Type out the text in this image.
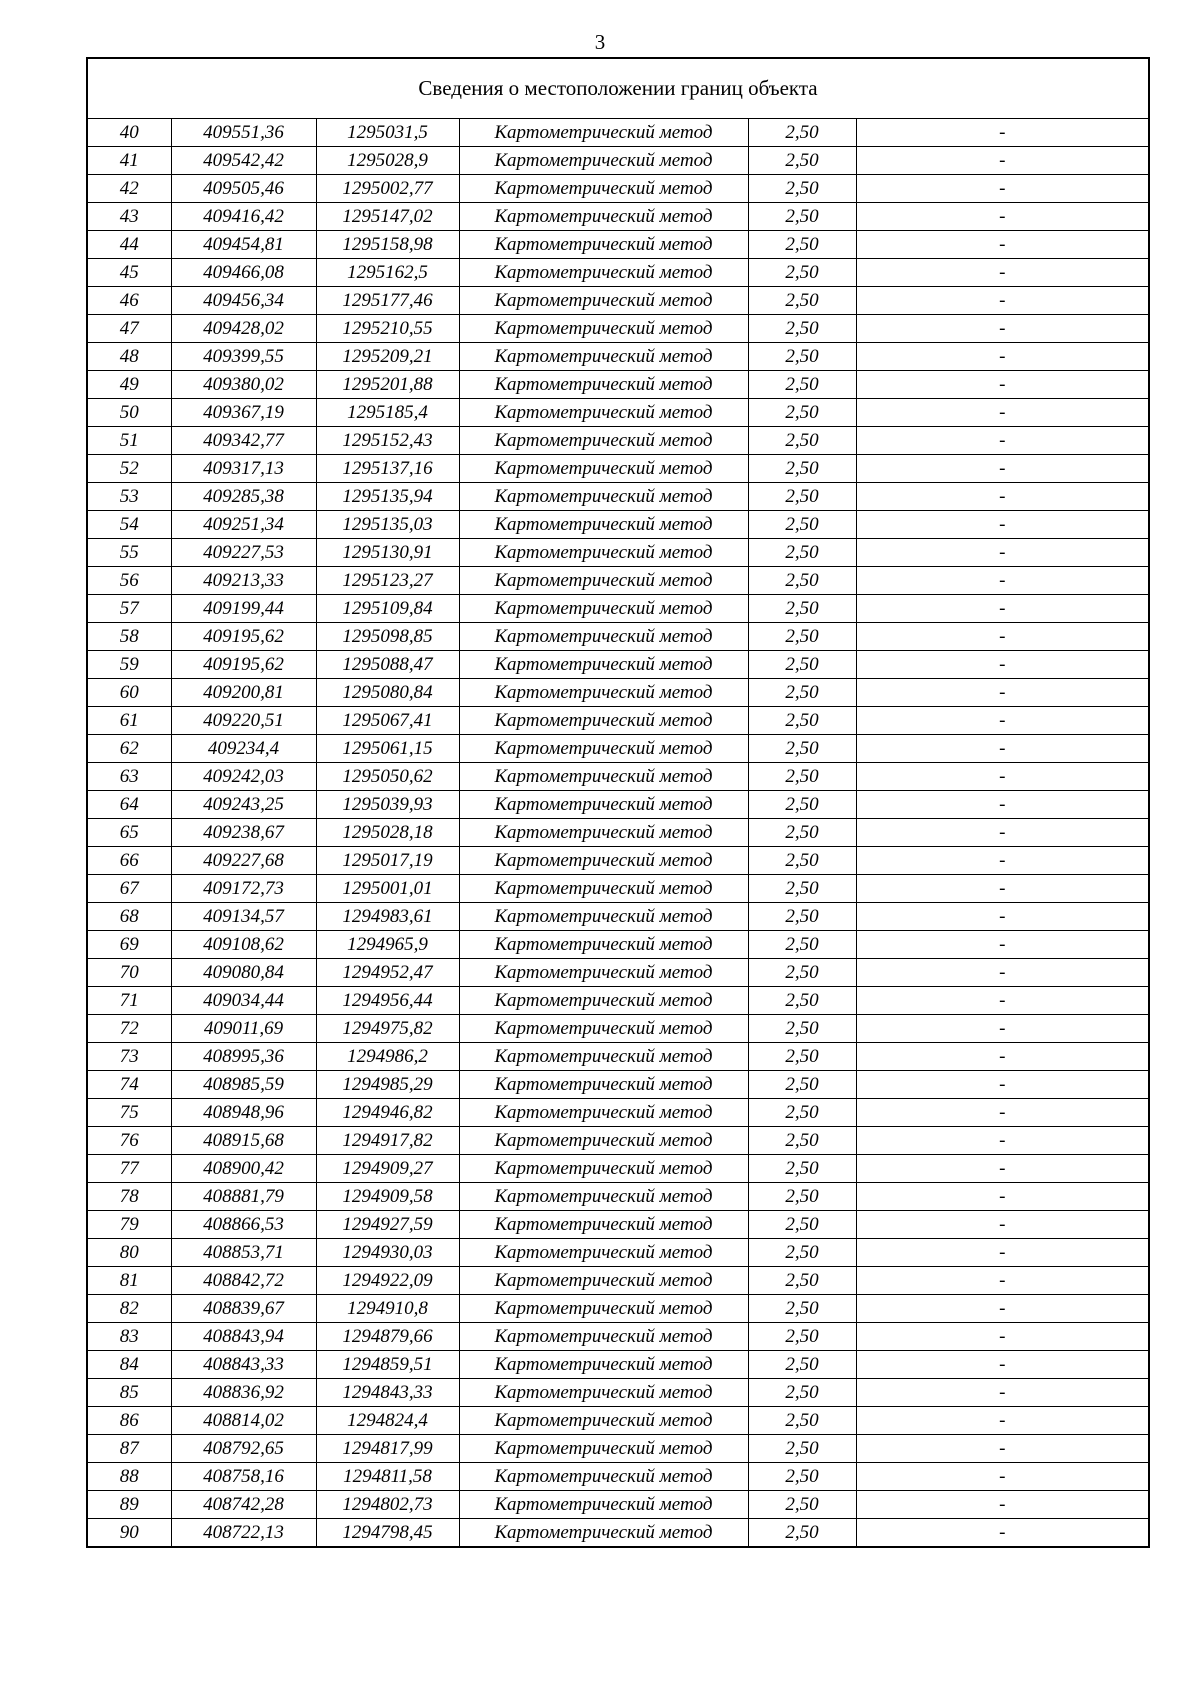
3
Сведения о местоположении границ объекта					
40	409551,36	1295031,5	Картометрический метод	2,50	-
41	409542,42	1295028,9	Картометрический метод	2,50	-
42	409505,46	1295002,77	Картометрический метод	2,50	-
43	409416,42	1295147,02	Картометрический метод	2,50	-
44	409454,81	1295158,98	Картометрический метод	2,50	-
45	409466,08	1295162,5	Картометрический метод	2,50	-
46	409456,34	1295177,46	Картометрический метод	2,50	-
47	409428,02	1295210,55	Картометрический метод	2,50	-
48	409399,55	1295209,21	Картометрический метод	2,50	-
49	409380,02	1295201,88	Картометрический метод	2,50	-
50	409367,19	1295185,4	Картометрический метод	2,50	-
51	409342,77	1295152,43	Картометрический метод	2,50	-
52	409317,13	1295137,16	Картометрический метод	2,50	-
53	409285,38	1295135,94	Картометрический метод	2,50	-
54	409251,34	1295135,03	Картометрический метод	2,50	-
55	409227,53	1295130,91	Картометрический метод	2,50	-
56	409213,33	1295123,27	Картометрический метод	2,50	-
57	409199,44	1295109,84	Картометрический метод	2,50	-
58	409195,62	1295098,85	Картометрический метод	2,50	-
59	409195,62	1295088,47	Картометрический метод	2,50	-
60	409200,81	1295080,84	Картометрический метод	2,50	-
61	409220,51	1295067,41	Картометрический метод	2,50	-
62	409234,4	1295061,15	Картометрический метод	2,50	-
63	409242,03	1295050,62	Картометрический метод	2,50	-
64	409243,25	1295039,93	Картометрический метод	2,50	-
65	409238,67	1295028,18	Картометрический метод	2,50	-
66	409227,68	1295017,19	Картометрический метод	2,50	-
67	409172,73	1295001,01	Картометрический метод	2,50	-
68	409134,57	1294983,61	Картометрический метод	2,50	-
69	409108,62	1294965,9	Картометрический метод	2,50	-
70	409080,84	1294952,47	Картометрический метод	2,50	-
71	409034,44	1294956,44	Картометрический метод	2,50	-
72	409011,69	1294975,82	Картометрический метод	2,50	-
73	408995,36	1294986,2	Картометрический метод	2,50	-
74	408985,59	1294985,29	Картометрический метод	2,50	-
75	408948,96	1294946,82	Картометрический метод	2,50	-
76	408915,68	1294917,82	Картометрический метод	2,50	-
77	408900,42	1294909,27	Картометрический метод	2,50	-
78	408881,79	1294909,58	Картометрический метод	2,50	-
79	408866,53	1294927,59	Картометрический метод	2,50	-
80	408853,71	1294930,03	Картометрический метод	2,50	-
81	408842,72	1294922,09	Картометрический метод	2,50	-
82	408839,67	1294910,8	Картометрический метод	2,50	-
83	408843,94	1294879,66	Картометрический метод	2,50	-
84	408843,33	1294859,51	Картометрический метод	2,50	-
85	408836,92	1294843,33	Картометрический метод	2,50	-
86	408814,02	1294824,4	Картометрический метод	2,50	-
87	408792,65	1294817,99	Картометрический метод	2,50	-
88	408758,16	1294811,58	Картометрический метод	2,50	-
89	408742,28	1294802,73	Картометрический метод	2,50	-
90	408722,13	1294798,45	Картометрический метод	2,50	-
